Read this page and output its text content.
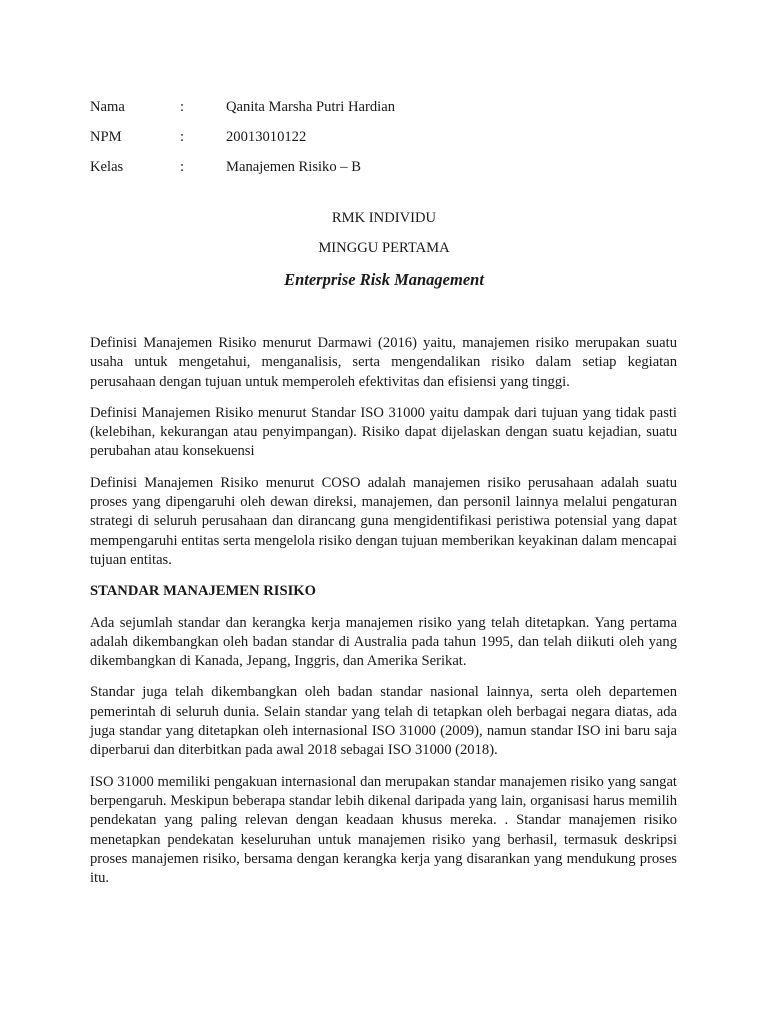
Nama	:	Qanita Marsha Putri Hardian
NPM	:	20013010122
Kelas	:	Manajemen Risiko – B
RMK INDIVIDU
MINGGU PERTAMA
Enterprise Risk Management

Definisi Manajemen Risiko menurut Darmawi (2016) yaitu, manajemen risiko merupakan suatu usaha untuk mengetahui, menganalisis, serta mengendalikan risiko dalam setiap kegiatan perusahaan dengan tujuan untuk memperoleh efektivitas dan efisiensi yang tinggi.

Definisi Manajemen Risiko menurut Standar ISO 31000 yaitu dampak dari tujuan yang tidak pasti (kelebihan, kekurangan atau penyimpangan). Risiko dapat dijelaskan dengan suatu kejadian, suatu perubahan atau konsekuensi

Definisi Manajemen Risiko menurut COSO adalah manajemen risiko perusahaan adalah suatu proses yang dipengaruhi oleh dewan direksi, manajemen, dan personil lainnya melalui pengaturan strategi di seluruh perusahaan dan dirancang guna mengidentifikasi peristiwa potensial yang dapat mempengaruhi entitas serta mengelola risiko dengan tujuan memberikan keyakinan dalam mencapai tujuan entitas.

STANDAR MANAJEMEN RISIKO

Ada sejumlah standar dan kerangka kerja manajemen risiko yang telah ditetapkan. Yang pertama adalah dikembangkan oleh badan standar di Australia pada tahun 1995, dan telah diikuti oleh yang dikembangkan di Kanada, Jepang, Inggris, dan Amerika Serikat.

Standar juga telah dikembangkan oleh badan standar nasional lainnya, serta oleh departemen pemerintah di seluruh dunia. Selain standar yang telah di tetapkan oleh berbagai negara diatas, ada juga standar yang ditetapkan oleh internasional ISO 31000 (2009), namun standar ISO ini baru saja diperbarui dan diterbitkan pada awal 2018 sebagai ISO 31000 (2018).

ISO 31000 memiliki pengakuan internasional dan merupakan standar manajemen risiko yang sangat berpengaruh. Meskipun beberapa standar lebih dikenal daripada yang lain, organisasi harus memilih pendekatan yang paling relevan dengan keadaan khusus mereka. . Standar manajemen risiko menetapkan pendekatan keseluruhan untuk manajemen risiko yang berhasil, termasuk deskripsi proses manajemen risiko, bersama dengan kerangka kerja yang disarankan yang mendukung proses itu.
